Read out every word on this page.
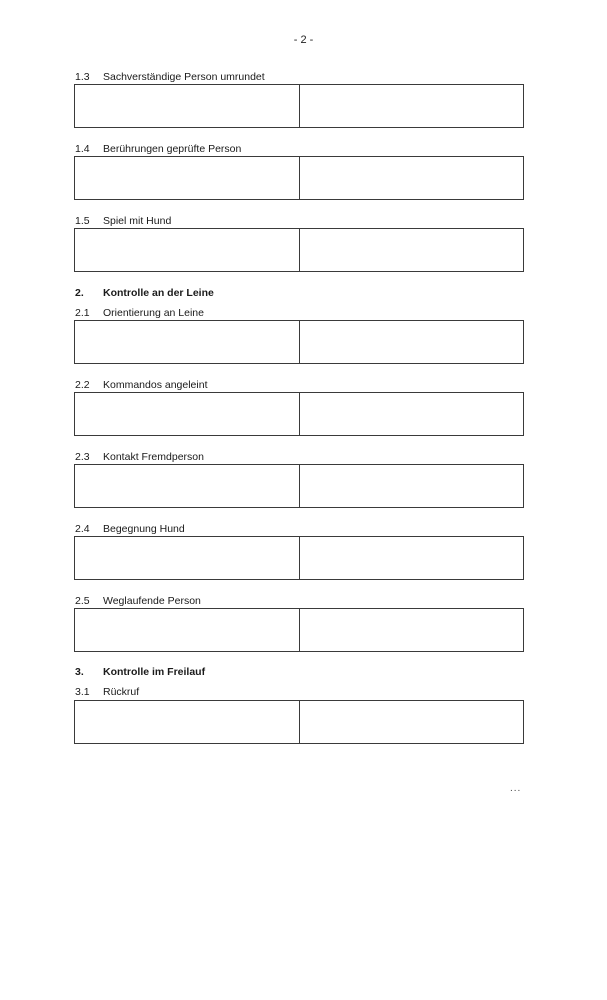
- 2 -
1.3	Sachverständige Person umrundet
1.4	Berührungen geprüfte Person
1.5	Spiel mit Hund
2.	Kontrolle an der Leine
2.1	Orientierung an Leine
2.2	Kommandos angeleint
2.3	Kontakt Fremdperson
2.4	Begegnung Hund
2.5	Weglaufende Person
3.	Kontrolle im Freilauf
3.1	Rückruf
...
